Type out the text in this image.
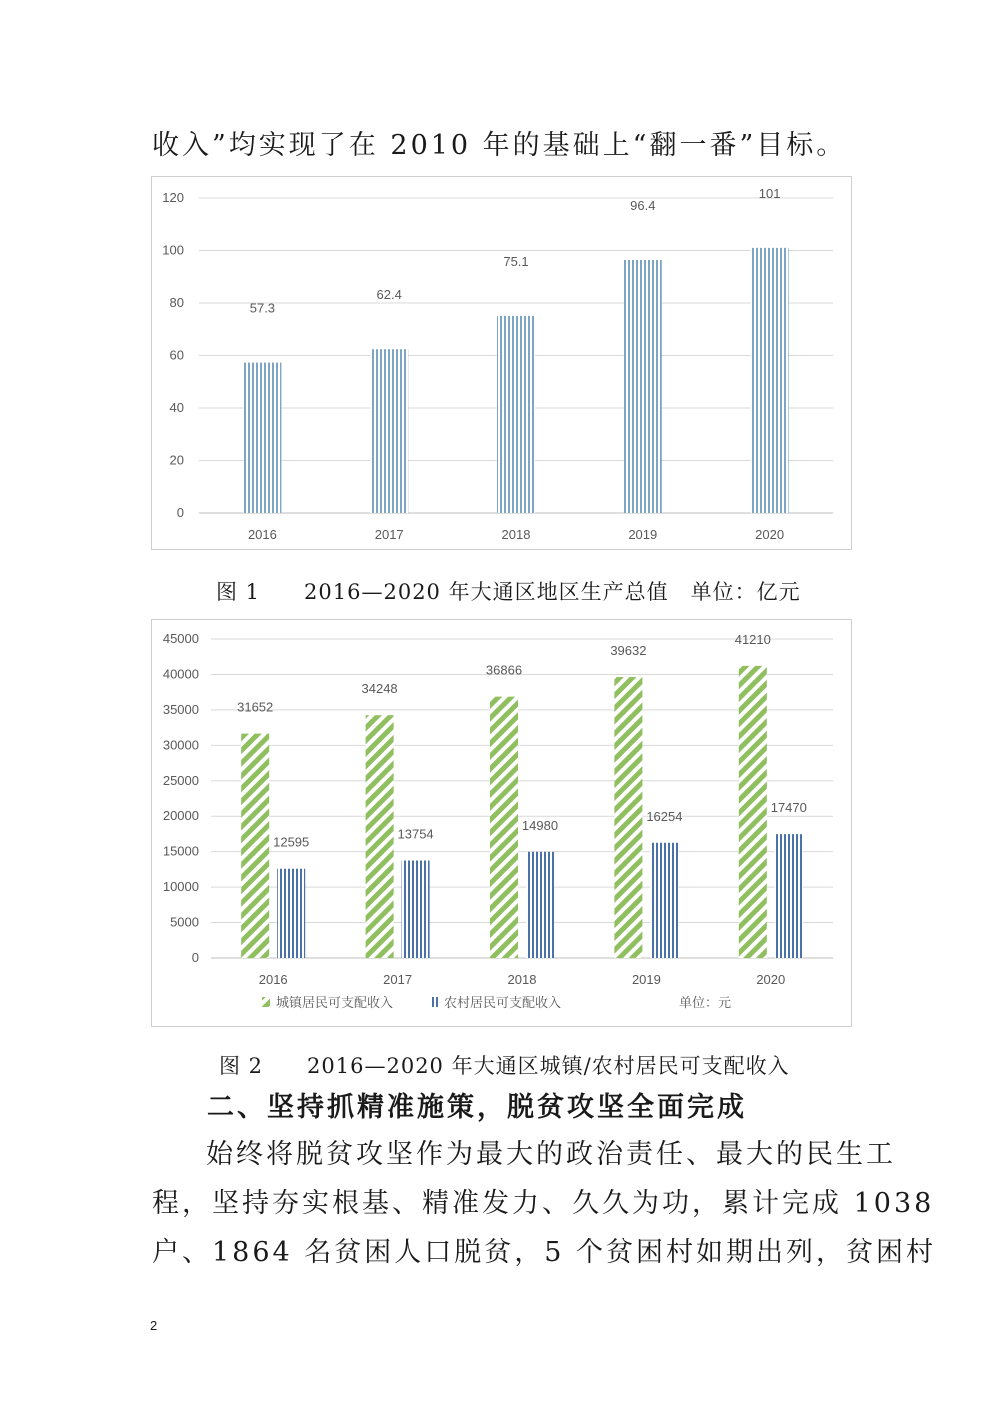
收入”均实现了在 2010 年的基础上“翻一番”目标。
0
20
40
60
80
100
120
2016
57.3
2017
62.4
2018
75.1
2019
96.4
2020
101
图 1　　2016—2020 年大通区地区生产总值　单位：亿元
0
5000
10000
15000
20000
25000
30000
35000
40000
45000
2016
31652
12595
2017
34248
13754
2018
36866
14980
2019
39632
16254
2020
41210
17470
城镇居民可支配收入	农村居民可支配收入	单位：元
图 2　　2016—2020 年大通区城镇/农村居民可支配收入
二、坚持抓精准施策，脱贫攻坚全面完成
始终将脱贫攻坚作为最大的政治责任、最大的民生工
程，坚持夯实根基、精准发力、久久为功，累计完成 1038
户、1864 名贫困人口脱贫，5 个贫困村如期出列，贫困村
2
